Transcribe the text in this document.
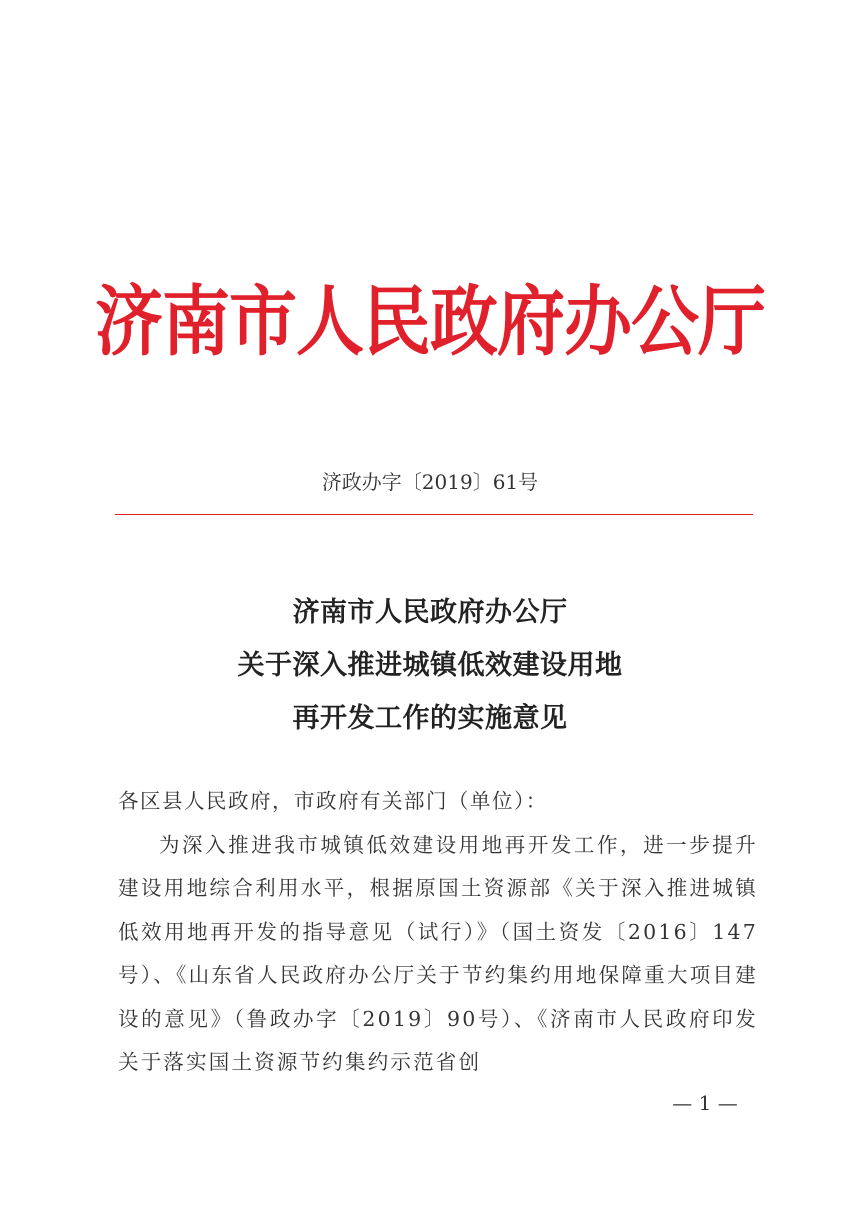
济南市人民政府办公厅
济政办字〔2019〕61号
济南市人民政府办公厅
关于深入推进城镇低效建设用地
再开发工作的实施意见

各区县人民政府，市政府有关部门（单位）：

为深入推进我市城镇低效建设用地再开发工作，进一步提升建设用地综合利用水平，根据原国土资源部《关于深入推进城镇低效用地再开发的指导意见（试行）》（国土资发〔2016〕147号）、《山东省人民政府办公厅关于节约集约用地保障重大项目建设的意见》（鲁政办字〔2019〕90号）、《济南市人民政府印发关于落实国土资源节约集约示范省创

— 1 —
